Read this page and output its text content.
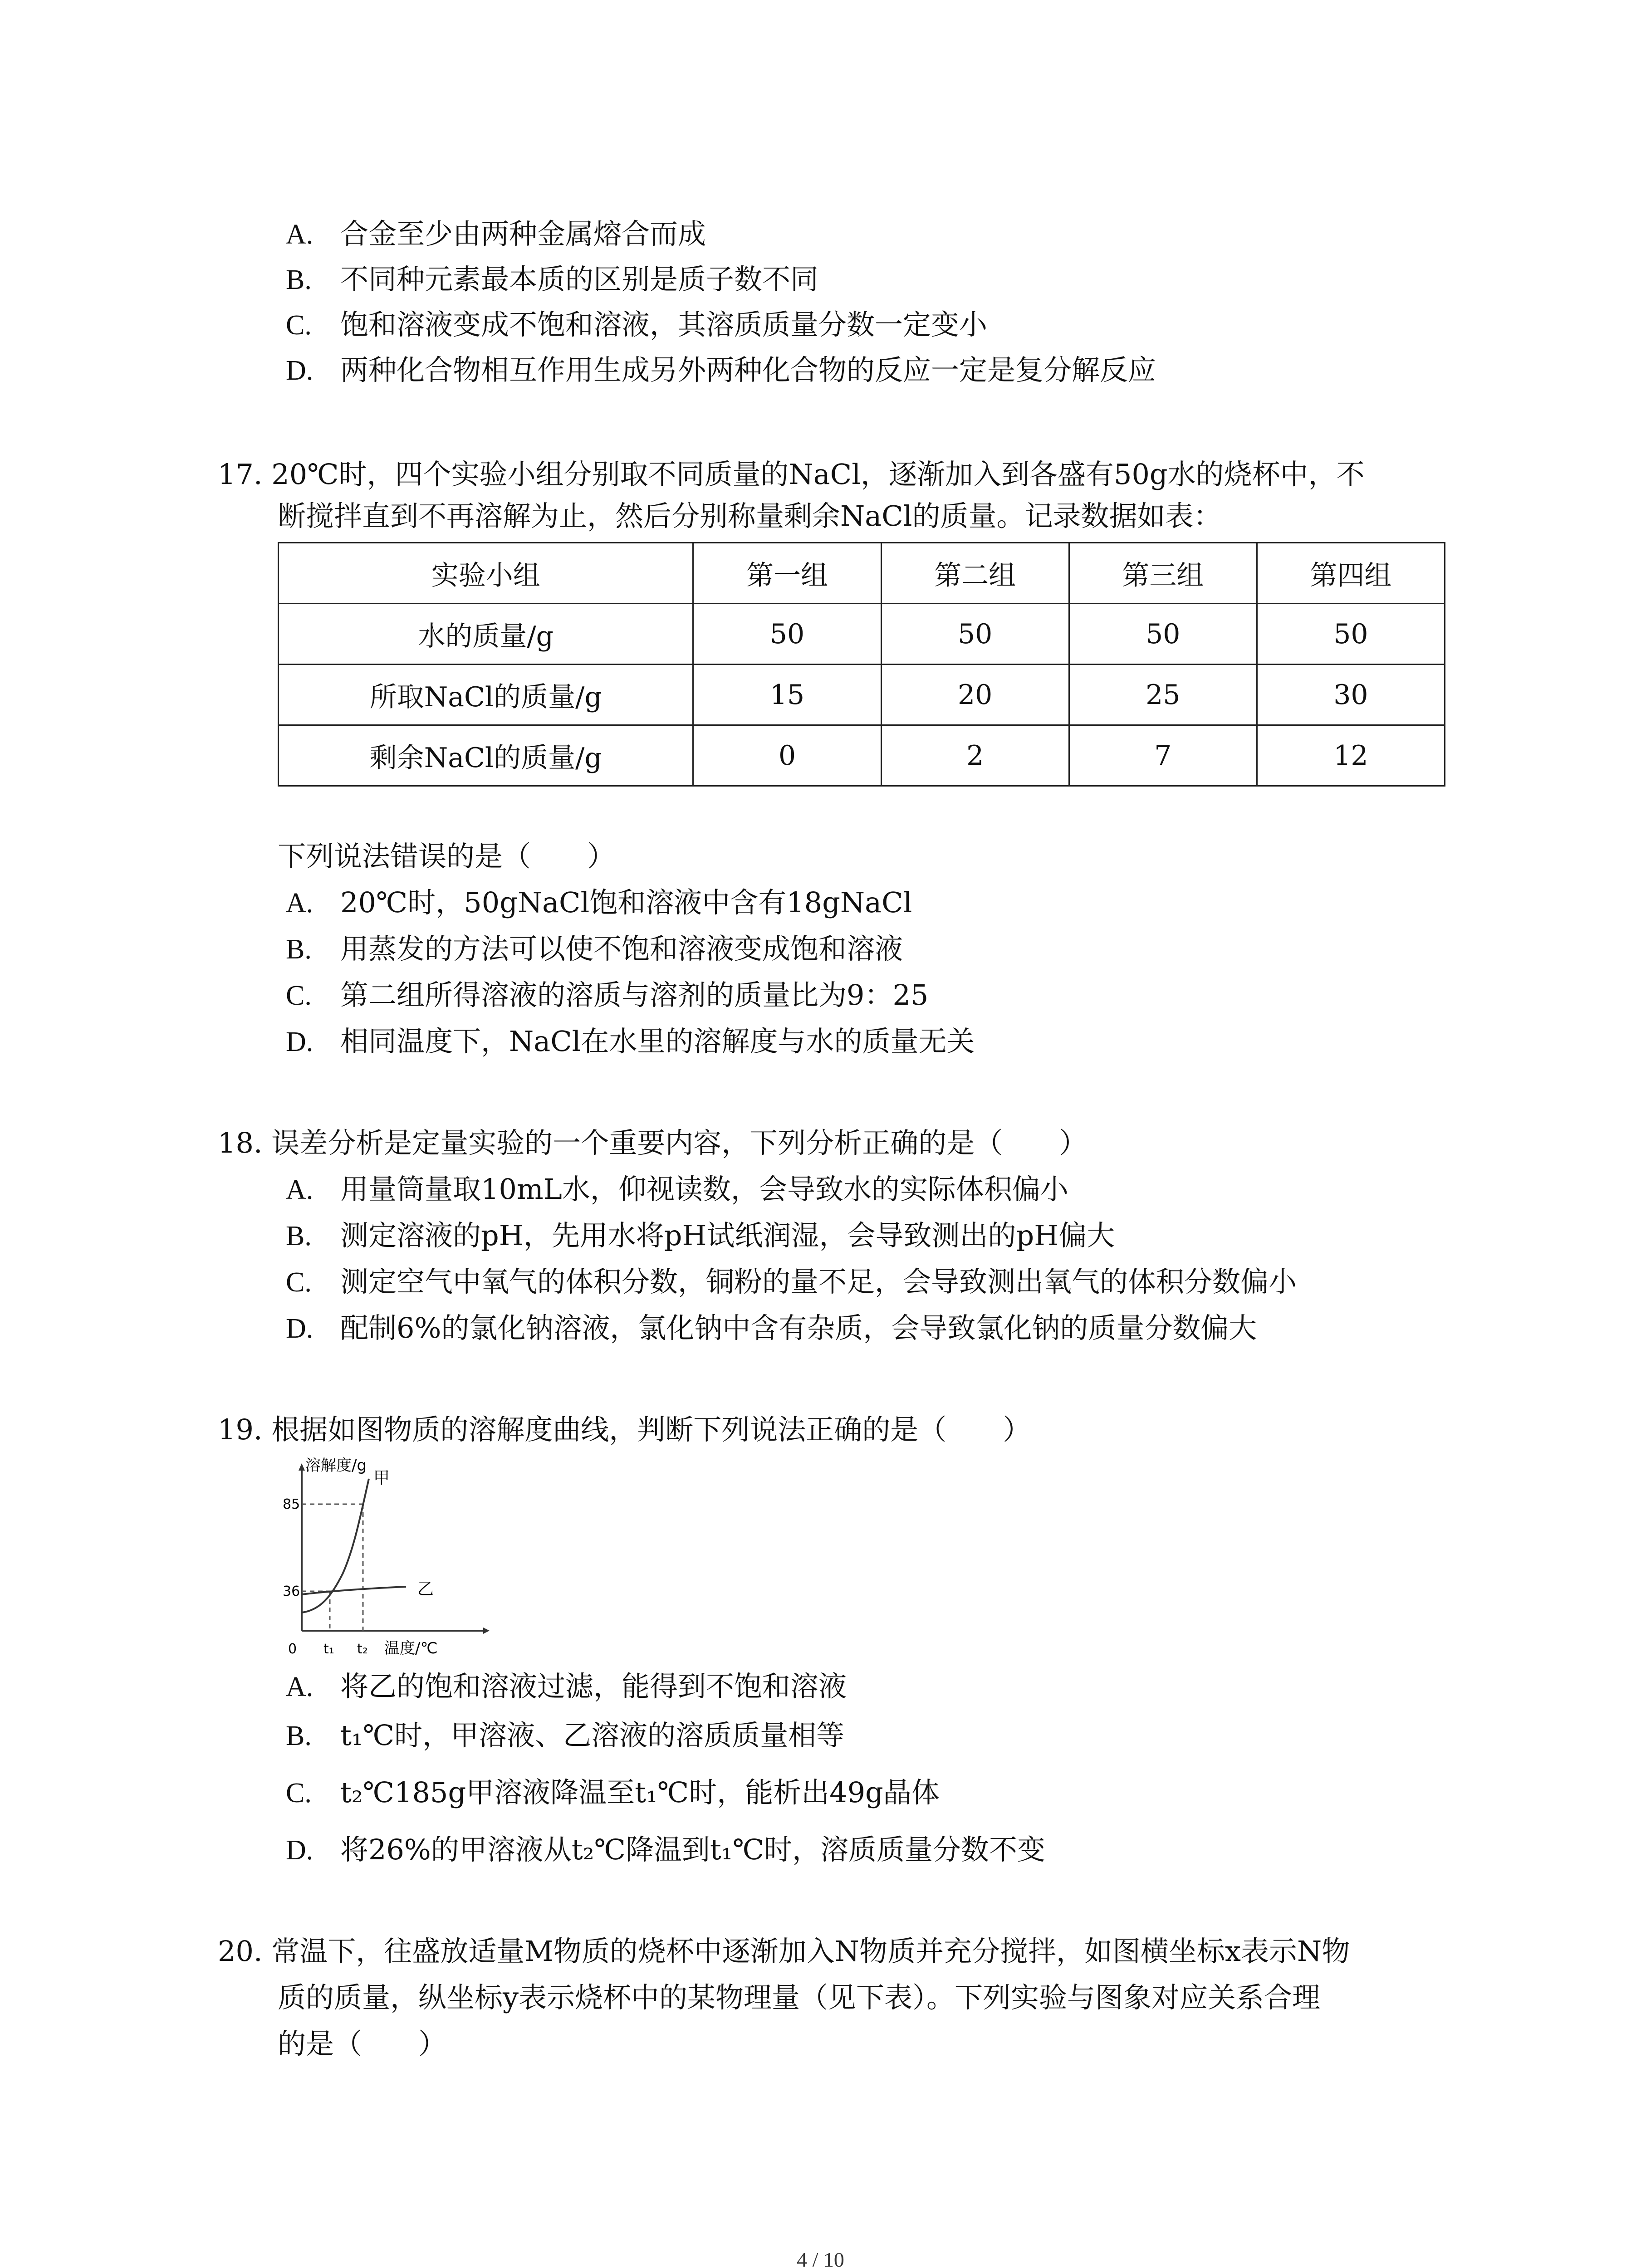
A. 合金至少由两种金属熔合而成
B. 不同种元素最本质的区别是质子数不同
C. 饱和溶液变成不饱和溶液，其溶质质量分数一定变小
D. 两种化合物相互作用生成另外两种化合物的反应一定是复分解反应
17. 20℃时，四个实验小组分别取不同质量的NaCl，逐渐加入到各盛有50g水的烧杯中，不
断搅拌直到不再溶解为止，然后分别称量剩余NaCl的质量。记录数据如表：
实验小组	第一组	第二组	第三组	第四组
水的质量/g	50	50	50	50
所取NaCl的质量/g	15	20	25	30
剩余NaCl的质量/g	0	2	7	12
下列说法错误的是（　　）
A. 20℃时，50gNaCl饱和溶液中含有18gNaCl
B. 用蒸发的方法可以使不饱和溶液变成饱和溶液
C. 第二组所得溶液的溶质与溶剂的质量比为9：25
D. 相同温度下，NaCl在水里的溶解度与水的质量无关
18. 误差分析是定量实验的一个重要内容，下列分析正确的是（　　）
A. 用量筒量取10mL水，仰视读数，会导致水的实际体积偏小
B. 测定溶液的pH，先用水将pH试纸润湿，会导致测出的pH偏大
C. 测定空气中氧气的体积分数，铜粉的量不足，会导致测出氧气的体积分数偏小
D. 配制6%的氯化钠溶液，氯化钠中含有杂质，会导致氯化钠的质量分数偏大
19. 根据如图物质的溶解度曲线，判断下列说法正确的是（　　）
溶解度/g
85
36
0 t₁ t₂ 温度/℃
甲
乙
A. 将乙的饱和溶液过滤，能得到不饱和溶液
B. t₁℃时，甲溶液、乙溶液的溶质质量相等
C. t₂℃185g甲溶液降温至t₁℃时，能析出49g晶体
D. 将26%的甲溶液从t₂℃降温到t₁℃时，溶质质量分数不变
20. 常温下，往盛放适量M物质的烧杯中逐渐加入N物质并充分搅拌，如图横坐标x表示N物
质的质量，纵坐标y表示烧杯中的某物理量（见下表）。下列实验与图象对应关系合理
的是（　　）
4 / 10
